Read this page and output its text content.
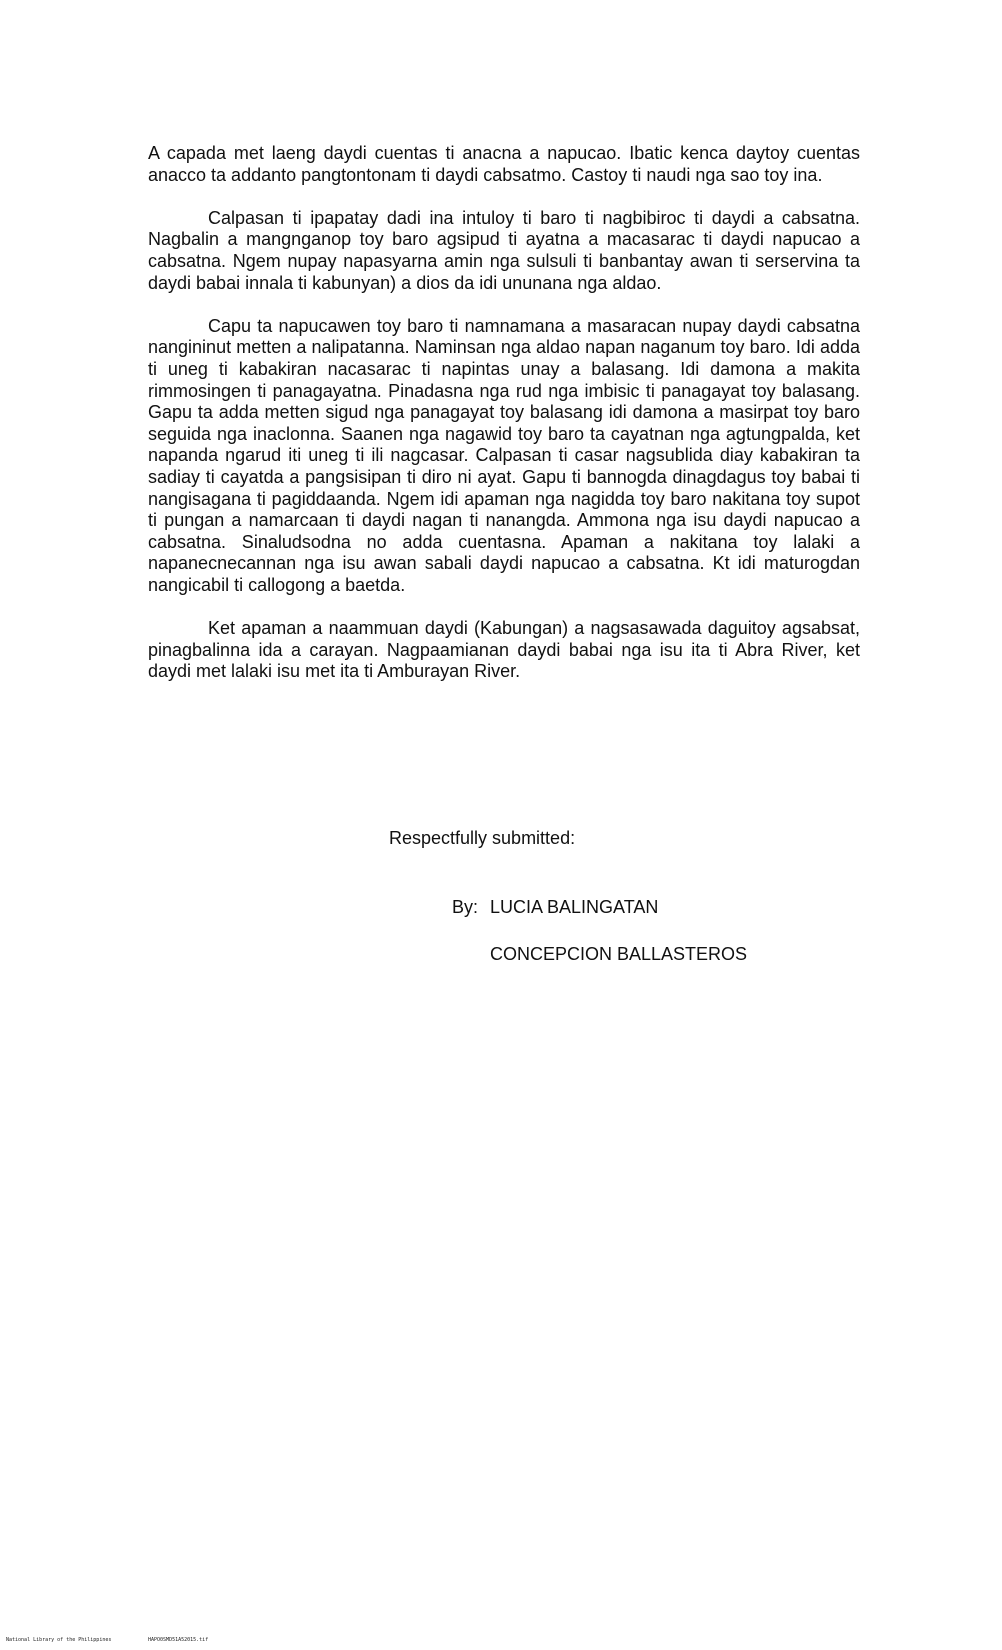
A capada met laeng daydi cuentas ti anacna a napucao. Ibatic kenca daytoy cuentas anacco ta addanto pangtontonam ti daydi cabsatmo. Castoy ti naudi nga sao toy ina.

Calpasan ti ipapatay dadi ina intuloy ti baro ti nagbibiroc ti daydi a cabsatna. Nagbalin a mangnganop toy baro agsipud ti ayatna a macasarac ti daydi napucao a cabsatna. Ngem nupay napasyarna amin nga sulsuli ti banbantay awan ti serservina ta daydi babai innala ti kabunyan) a dios da idi ununana nga aldao.

Capu ta napucawen toy baro ti namnamana a masaracan nupay daydi cabsatna nangininut metten a nalipatanna. Naminsan nga aldao napan naganum toy baro. Idi adda ti uneg ti kabakiran nacasarac ti napintas unay a balasang. Idi damona a makita rimmosingen ti panagayatna. Pinadasna nga rud nga imbisic ti panagayat toy balasang. Gapu ta adda metten sigud nga panagayat toy balasang idi damona a masirpat toy baro seguida nga inaclonna. Saanen nga nagawid toy baro ta cayatnan nga agtungpalda, ket napanda ngarud iti uneg ti ili nagcasar. Calpasan ti casar nagsublida diay kabakiran ta sadiay ti cayatda a pangsisipan ti diro ni ayat. Gapu ti bannogda dinagdagus toy babai ti nangisagana ti pagiddaanda. Ngem idi apaman nga nagidda toy baro nakitana toy supot ti pungan a namarcaan ti daydi nagan ti nanangda. Ammona nga isu daydi napucao a cabsatna. Sinaludsodna no adda cuentasna. Apaman a nakitana toy lalaki a napanecnecannan nga isu awan sabali daydi napucao a cabsatna. Kt idi maturogdan nangicabil ti callogong a baetda.

Ket apaman a naammuan daydi (Kabungan) a nagsasawada daguitoy agsabsat, pinagbalinna ida a carayan. Nagpaamianan daydi babai nga isu ita ti Abra River, ket daydi met lalaki isu met ita ti Amburayan River.

Respectfully submitted:
By: LUCIA BALINGATAN
CONCEPCION BALLASTEROS
National Library of the Philippines	HAPO0SMD51A52015.tif
